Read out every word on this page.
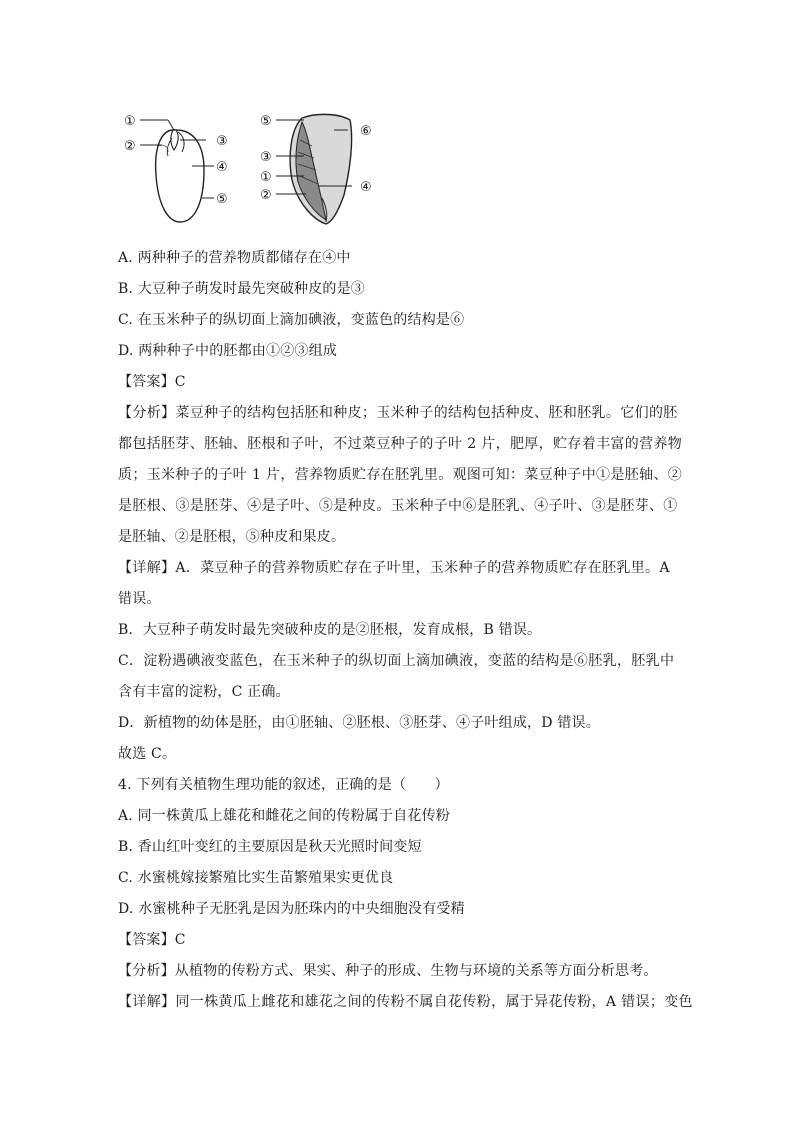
①
②	③
④
⑤
⑤
⑥
③
①
②
④
A. 两种种子的营养物质都储存在④中
B. 大豆种子萌发时最先突破种皮的是③
C. 在玉米种子的纵切面上滴加碘液，变蓝色的结构是⑥
D. 两种种子中的胚都由①②③组成
【答案】C
【分析】菜豆种子的结构包括胚和种皮；玉米种子的结构包括种皮、胚和胚乳。它们的胚
都包括胚芽、胚轴、胚根和子叶，不过菜豆种子的子叶 2 片，肥厚，贮存着丰富的营养物
质；玉米种子的子叶 1 片，营养物质贮存在胚乳里。观图可知：菜豆种子中①是胚轴、②
是胚根、③是胚芽、④是子叶、⑤是种皮。玉米种子中⑥是胚乳、④子叶、③是胚芽、①
是胚轴、②是胚根，⑤种皮和果皮。
【详解】A．菜豆种子的营养物质贮存在子叶里，玉米种子的营养物质贮存在胚乳里。A
错误。
B．大豆种子萌发时最先突破种皮的是②胚根，发育成根，B 错误。
C．淀粉遇碘液变蓝色，在玉米种子的纵切面上滴加碘液，变蓝的结构是⑥胚乳，胚乳中
含有丰富的淀粉，C 正确。
D．新植物的幼体是胚，由①胚轴、②胚根、③胚芽、④子叶组成，D 错误。
故选 C。
4. 下列有关植物生理功能的叙述，正确的是（　　）
A. 同一株黄瓜上雄花和雌花之间的传粉属于自花传粉
B. 香山红叶变红的主要原因是秋天光照时间变短
C. 水蜜桃嫁接繁殖比实生苗繁殖果实更优良
D. 水蜜桃种子无胚乳是因为胚珠内的中央细胞没有受精
【答案】C
【分析】从植物的传粉方式、果实、种子的形成、生物与环境的关系等方面分析思考。
【详解】同一株黄瓜上雌花和雄花之间的传粉不属自花传粉，属于异花传粉，A 错误；变色
